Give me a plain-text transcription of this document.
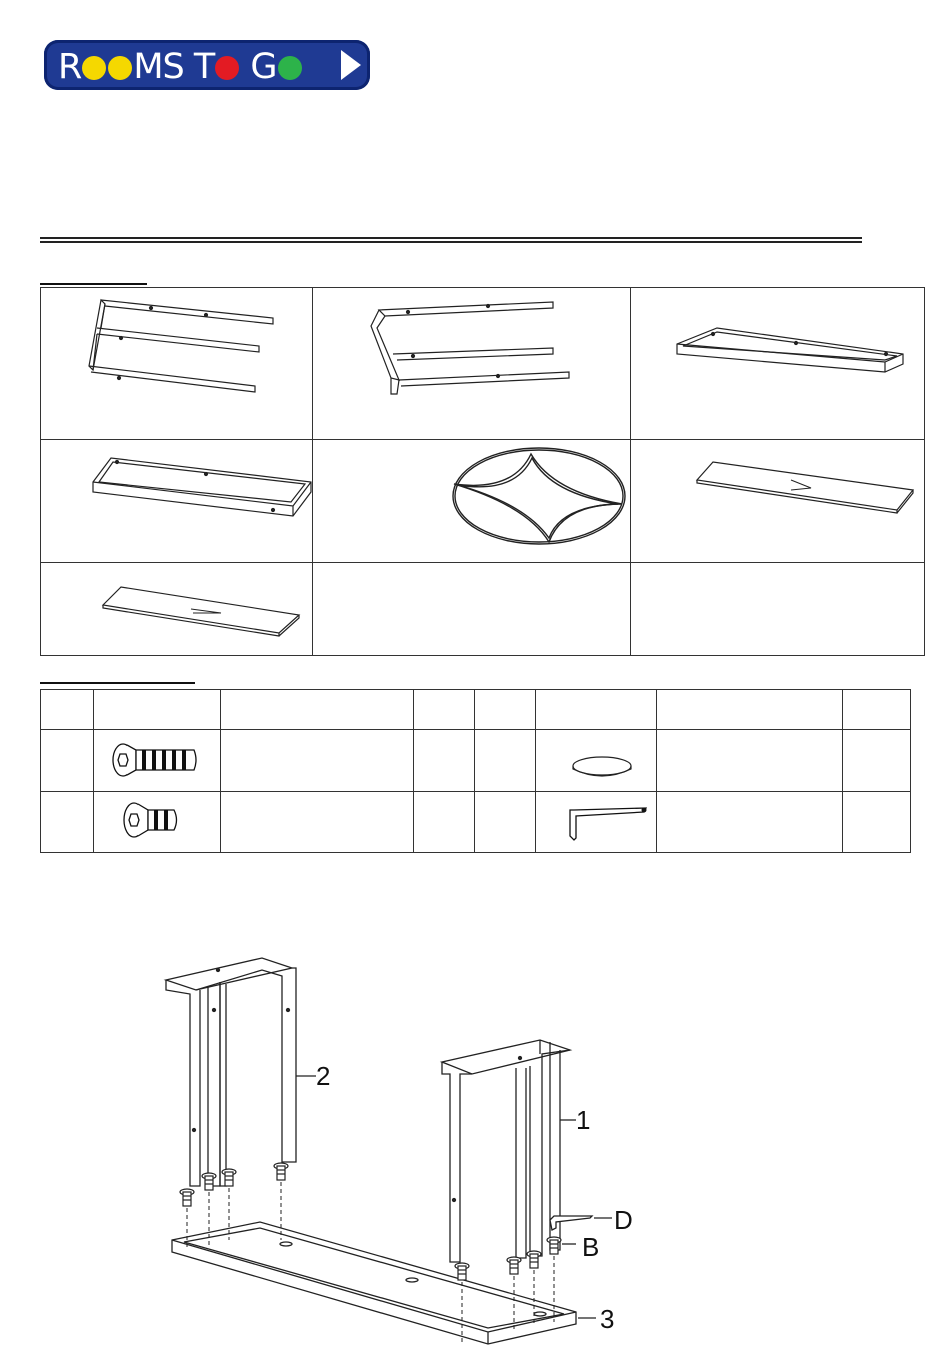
R MS T G

2
1
D
B
3
